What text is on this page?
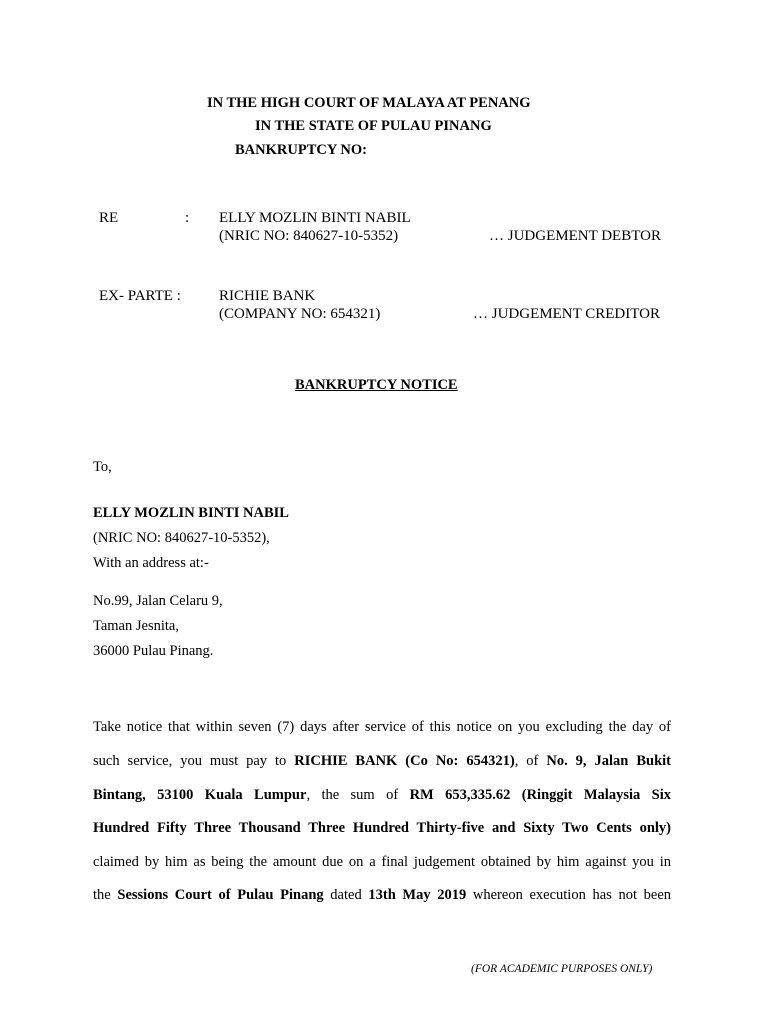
IN THE HIGH COURT OF MALAYA AT PENANG
IN THE STATE OF PULAU PINANG
BANKRUPTCY NO:
RE	: ELLY MOZLIN BINTI NABIL
(NRIC NO: 840627-10-5352)	… JUDGEMENT DEBTOR
EX- PARTE :	RICHIE BANK
(COMPANY NO: 654321)	… JUDGEMENT CREDITOR
BANKRUPTCY NOTICE
To,
ELLY MOZLIN BINTI NABIL
(NRIC NO: 840627-10-5352),
With an address at:-
No.99, Jalan Celaru 9,
Taman Jesnita,
36000 Pulau Pinang.
Take notice that within seven (7) days after service of this notice on you excluding the day of
such service, you must pay to RICHIE BANK (Co No: 654321), of No. 9, Jalan Bukit
Bintang, 53100 Kuala Lumpur, the sum of RM 653,335.62 (Ringgit Malaysia Six
Hundred Fifty Three Thousand Three Hundred Thirty-five and Sixty Two Cents only)
claimed by him as being the amount due on a final judgement obtained by him against you in
the Sessions Court of Pulau Pinang dated 13th May 2019 whereon execution has not been
(FOR ACADEMIC PURPOSES ONLY)
